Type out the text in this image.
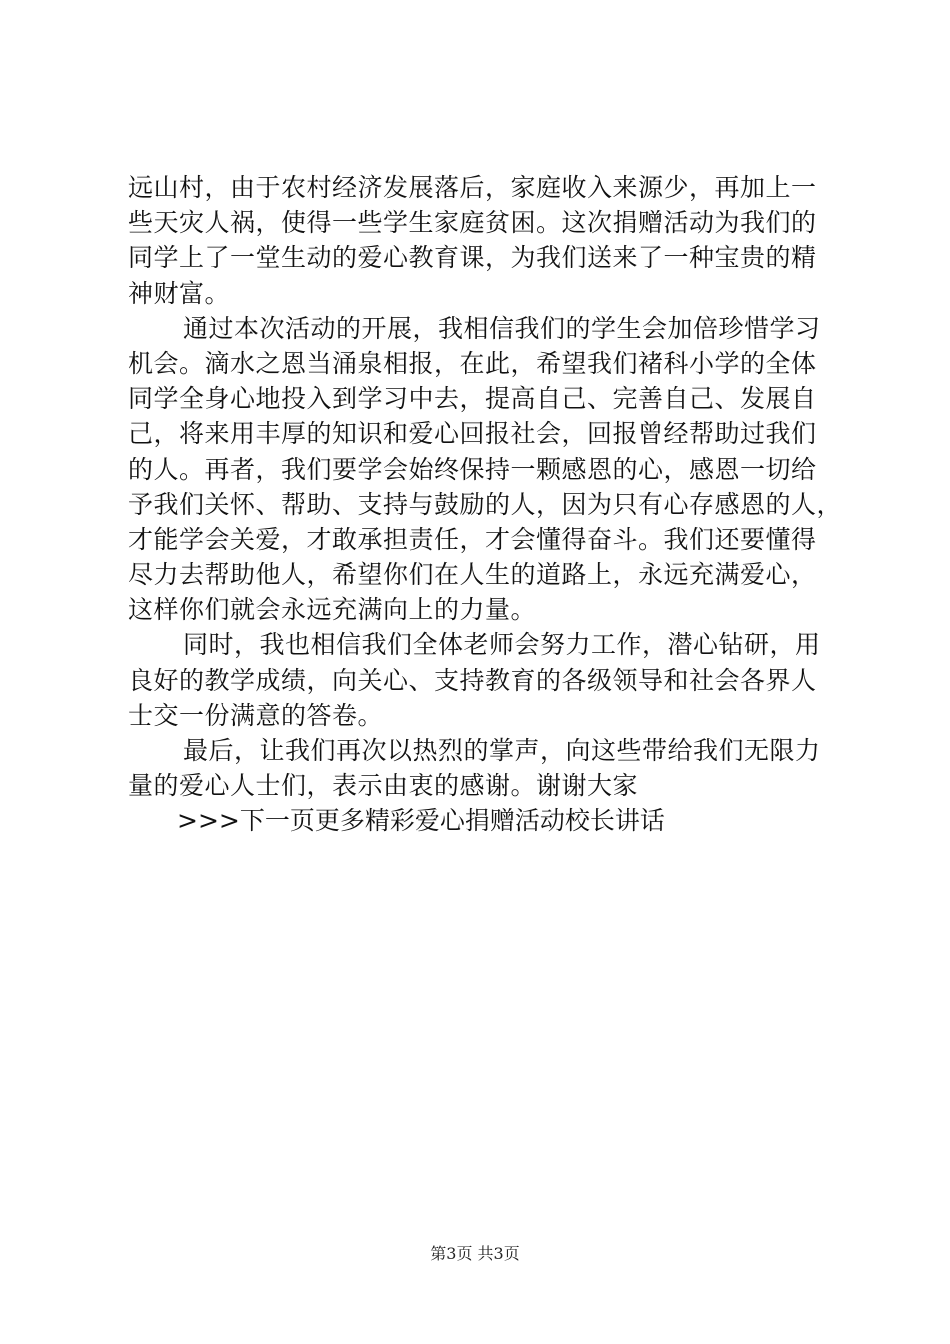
远山村，由于农村经济发展落后，家庭收入来源少，再加上一
些天灾人祸，使得一些学生家庭贫困。这次捐赠活动为我们的
同学上了一堂生动的爱心教育课，为我们送来了一种宝贵的精
神财富。
通过本次活动的开展，我相信我们的学生会加倍珍惜学习
机会。滴水之恩当涌泉相报，在此，希望我们褚科小学的全体
同学全身心地投入到学习中去，提高自己、完善自己、发展自
己，将来用丰厚的知识和爱心回报社会，回报曾经帮助过我们
的人。再者，我们要学会始终保持一颗感恩的心，感恩一切给
予我们关怀、帮助、支持与鼓励的人，因为只有心存感恩的人，
才能学会关爱，才敢承担责任，才会懂得奋斗。我们还要懂得
尽力去帮助他人，希望你们在人生的道路上，永远充满爱心，
这样你们就会永远充满向上的力量。
同时，我也相信我们全体老师会努力工作，潜心钻研，用
良好的教学成绩，向关心、支持教育的各级领导和社会各界人
士交一份满意的答卷。
最后，让我们再次以热烈的掌声，向这些带给我们无限力
量的爱心人士们，表示由衷的感谢。谢谢大家
>>>下一页更多精彩爱心捐赠活动校长讲话
第3页 共3页
